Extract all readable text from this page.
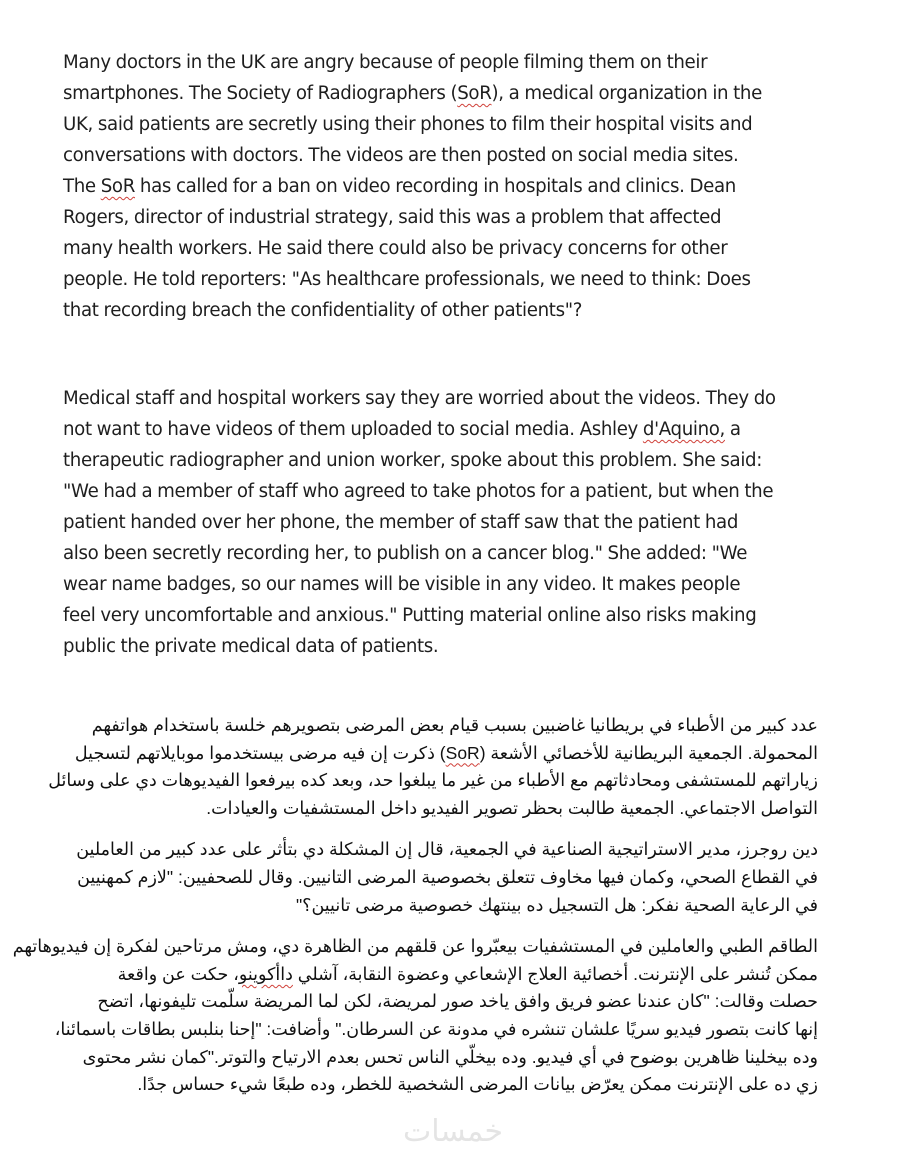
Many doctors in the UK are angry because of people filming them on their
smartphones. The Society of Radiographers (SoR), a medical organization in the
UK, said patients are secretly using their phones to film their hospital visits and
conversations with doctors. The videos are then posted on social media sites.
The SoR has called for a ban on video recording in hospitals and clinics. Dean
Rogers, director of industrial strategy, said this was a problem that affected
many health workers. He said there could also be privacy concerns for other
people. He told reporters: "As healthcare professionals, we need to think: Does
that recording breach the confidentiality of other patients"?

Medical staff and hospital workers say they are worried about the videos. They do
not want to have videos of them uploaded to social media. Ashley d'Aquino, a
therapeutic radiographer and union worker, spoke about this problem. She said:
"We had a member of staff who agreed to take photos for a patient, but when the
patient handed over her phone, the member of staff saw that the patient had
also been secretly recording her, to publish on a cancer blog." She added: "We
wear name badges, so our names will be visible in any video. It makes people
feel very uncomfortable and anxious." Putting material online also risks making
public the private medical data of patients.

عدد كبير من الأطباء في بريطانيا غاضبين بسبب قيام بعض المرضى بتصويرهم خلسة باستخدام هواتفهم
المحمولة. الجمعية البريطانية للأخصائي الأشعة (SoR) ذكرت إن فيه مرضى بيستخدموا موبايلاتهم لتسجيل
زياراتهم للمستشفى ومحادثاتهم مع الأطباء من غير ما يبلغوا حد، وبعد كده بيرفعوا الفيديوهات دي على وسائل
التواصل الاجتماعي. الجمعية طالبت بحظر تصوير الفيديو داخل المستشفيات والعيادات.

دين روجرز، مدير الاستراتيجية الصناعية في الجمعية، قال إن المشكلة دي بتأثر على عدد كبير من العاملين
في القطاع الصحي، وكمان فيها مخاوف تتعلق بخصوصية المرضى التانيين. وقال للصحفيين: "لازم كمهنيين
في الرعاية الصحية نفكر: هل التسجيل ده بينتهك خصوصية مرضى تانيين؟"

الطاقم الطبي والعاملين في المستشفيات بيعبّروا عن قلقهم من الظاهرة دي، ومش مرتاحين لفكرة إن فيديوهاتهم
ممكن تُنشر على الإنترنت. أخصائية العلاج الإشعاعي وعضوة النقابة، آشلي داأكوينو، حكت عن واقعة
حصلت وقالت: "كان عندنا عضو فريق وافق ياخد صور لمريضة، لكن لما المريضة سلّمت تليفونها، اتضح
إنها كانت بتصور فيديو سريًا علشان تنشره في مدونة عن السرطان." وأضافت: "إحنا بنلبس بطاقات باسمائنا،
وده بيخلينا ظاهرين بوضوح في أي فيديو. وده بيخلّي الناس تحس بعدم الارتياح والتوتر."كمان نشر محتوى
زي ده على الإنترنت ممكن يعرّض بيانات المرضى الشخصية للخطر، وده طبعًا شيء حساس جدًا.

خمسات
